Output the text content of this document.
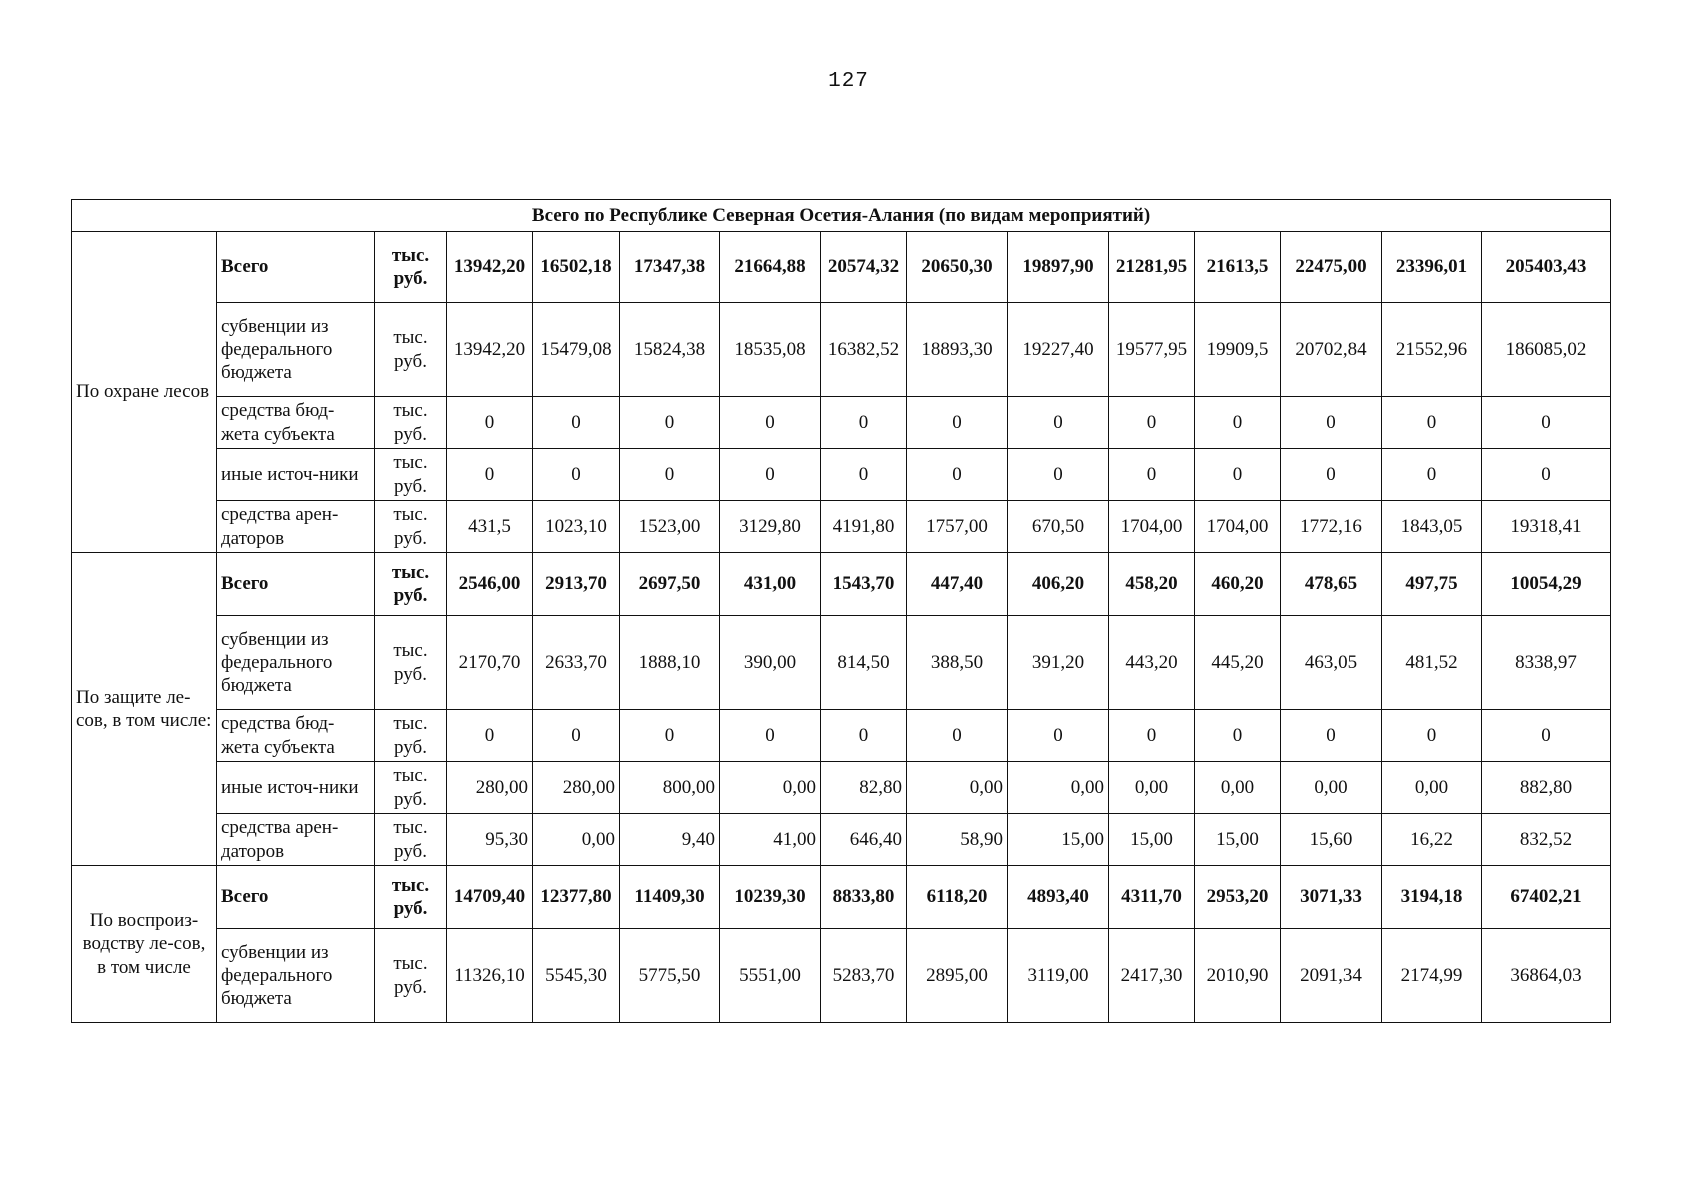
127
Всего по Республике Северная Осетия-Алания (по видам мероприятий)														
По охране лесов	Всего	тыс. руб.	13942,20	16502,18	17347,38	21664,88	20574,32	20650,30	19897,90	21281,95	21613,5	22475,00	23396,01	205403,43
	субвенции из федерального бюджета	тыс. руб.	13942,20	15479,08	15824,38	18535,08	16382,52	18893,30	19227,40	19577,95	19909,5	20702,84	21552,96	186085,02
	средства бюд-жета субъекта	тыс. руб.	0	0	0	0	0	0	0	0	0	0	0	0
	иные источ-ники	тыс. руб.	0	0	0	0	0	0	0	0	0	0	0	0
	средства арен-даторов	тыс. руб.	431,5	1023,10	1523,00	3129,80	4191,80	1757,00	670,50	1704,00	1704,00	1772,16	1843,05	19318,41
По защите ле-сов, в том числе:	Всего	тыс. руб.	2546,00	2913,70	2697,50	431,00	1543,70	447,40	406,20	458,20	460,20	478,65	497,75	10054,29
	субвенции из федерального бюджета	тыс. руб.	2170,70	2633,70	1888,10	390,00	814,50	388,50	391,20	443,20	445,20	463,05	481,52	8338,97
	средства бюд-жета субъекта	тыс. руб.	0	0	0	0	0	0	0	0	0	0	0	0
	иные источ-ники	тыс. руб.	280,00	280,00	800,00	0,00	82,80	0,00	0,00	0,00	0,00	0,00	0,00	882,80
	средства арен-даторов	тыс. руб.	95,30	0,00	9,40	41,00	646,40	58,90	15,00	15,00	15,00	15,60	16,22	832,52
По воспроиз-водству ле-сов, в том числе	Всего	тыс. руб.	14709,40	12377,80	11409,30	10239,30	8833,80	6118,20	4893,40	4311,70	2953,20	3071,33	3194,18	67402,21
	субвенции из федерального бюджета	тыс. руб.	11326,10	5545,30	5775,50	5551,00	5283,70	2895,00	3119,00	2417,30	2010,90	2091,34	2174,99	36864,03
